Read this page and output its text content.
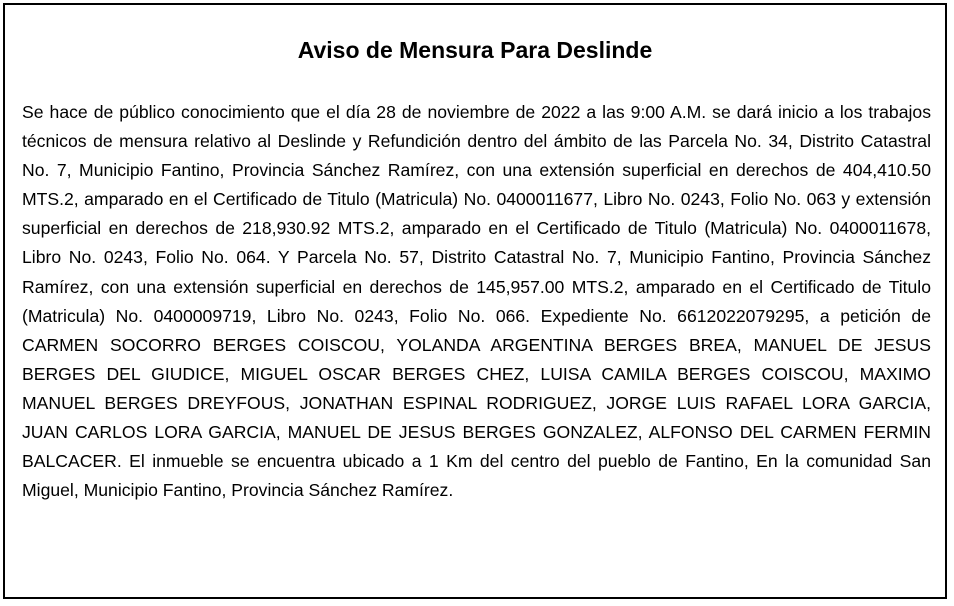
Aviso de Mensura Para Deslinde

Se hace de público conocimiento que el día 28 de noviembre de 2022 a las 9:00 A.M. se dará inicio a los trabajos técnicos de mensura relativo al Deslinde y Refundición dentro del ámbito de las Parcela No. 34, Distrito Catastral No. 7, Municipio Fantino, Provincia Sánchez Ramírez, con una extensión superficial en derechos de 404,410.50 MTS.2, amparado en el Certificado de Titulo (Matricula) No. 0400011677, Libro No. 0243, Folio No. 063 y extensión superficial en derechos de 218,930.92 MTS.2, amparado en el Certificado de Titulo (Matricula) No. 0400011678, Libro No. 0243, Folio No. 064. Y Parcela No. 57, Distrito Catastral No. 7, Municipio Fantino, Provincia Sánchez Ramírez, con una extensión superficial en derechos de 145,957.00 MTS.2, amparado en el Certificado de Titulo (Matricula) No. 0400009719, Libro No. 0243, Folio No. 066. Expediente No. 6612022079295, a petición de CARMEN SOCORRO BERGES COISCOU, YOLANDA ARGENTINA BERGES BREA, MANUEL DE JESUS BERGES DEL GIUDICE, MIGUEL OSCAR BERGES CHEZ, LUISA CAMILA BERGES COISCOU, MAXIMO MANUEL BERGES DREYFOUS, JONATHAN ESPINAL RODRIGUEZ, JORGE LUIS RAFAEL LORA GARCIA, JUAN CARLOS LORA GARCIA, MANUEL DE JESUS BERGES GONZALEZ, ALFONSO DEL CARMEN FERMIN BALCACER. El inmueble se encuentra ubicado a 1 Km del centro del pueblo de Fantino, En la comunidad San Miguel, Municipio Fantino, Provincia Sánchez Ramírez.
